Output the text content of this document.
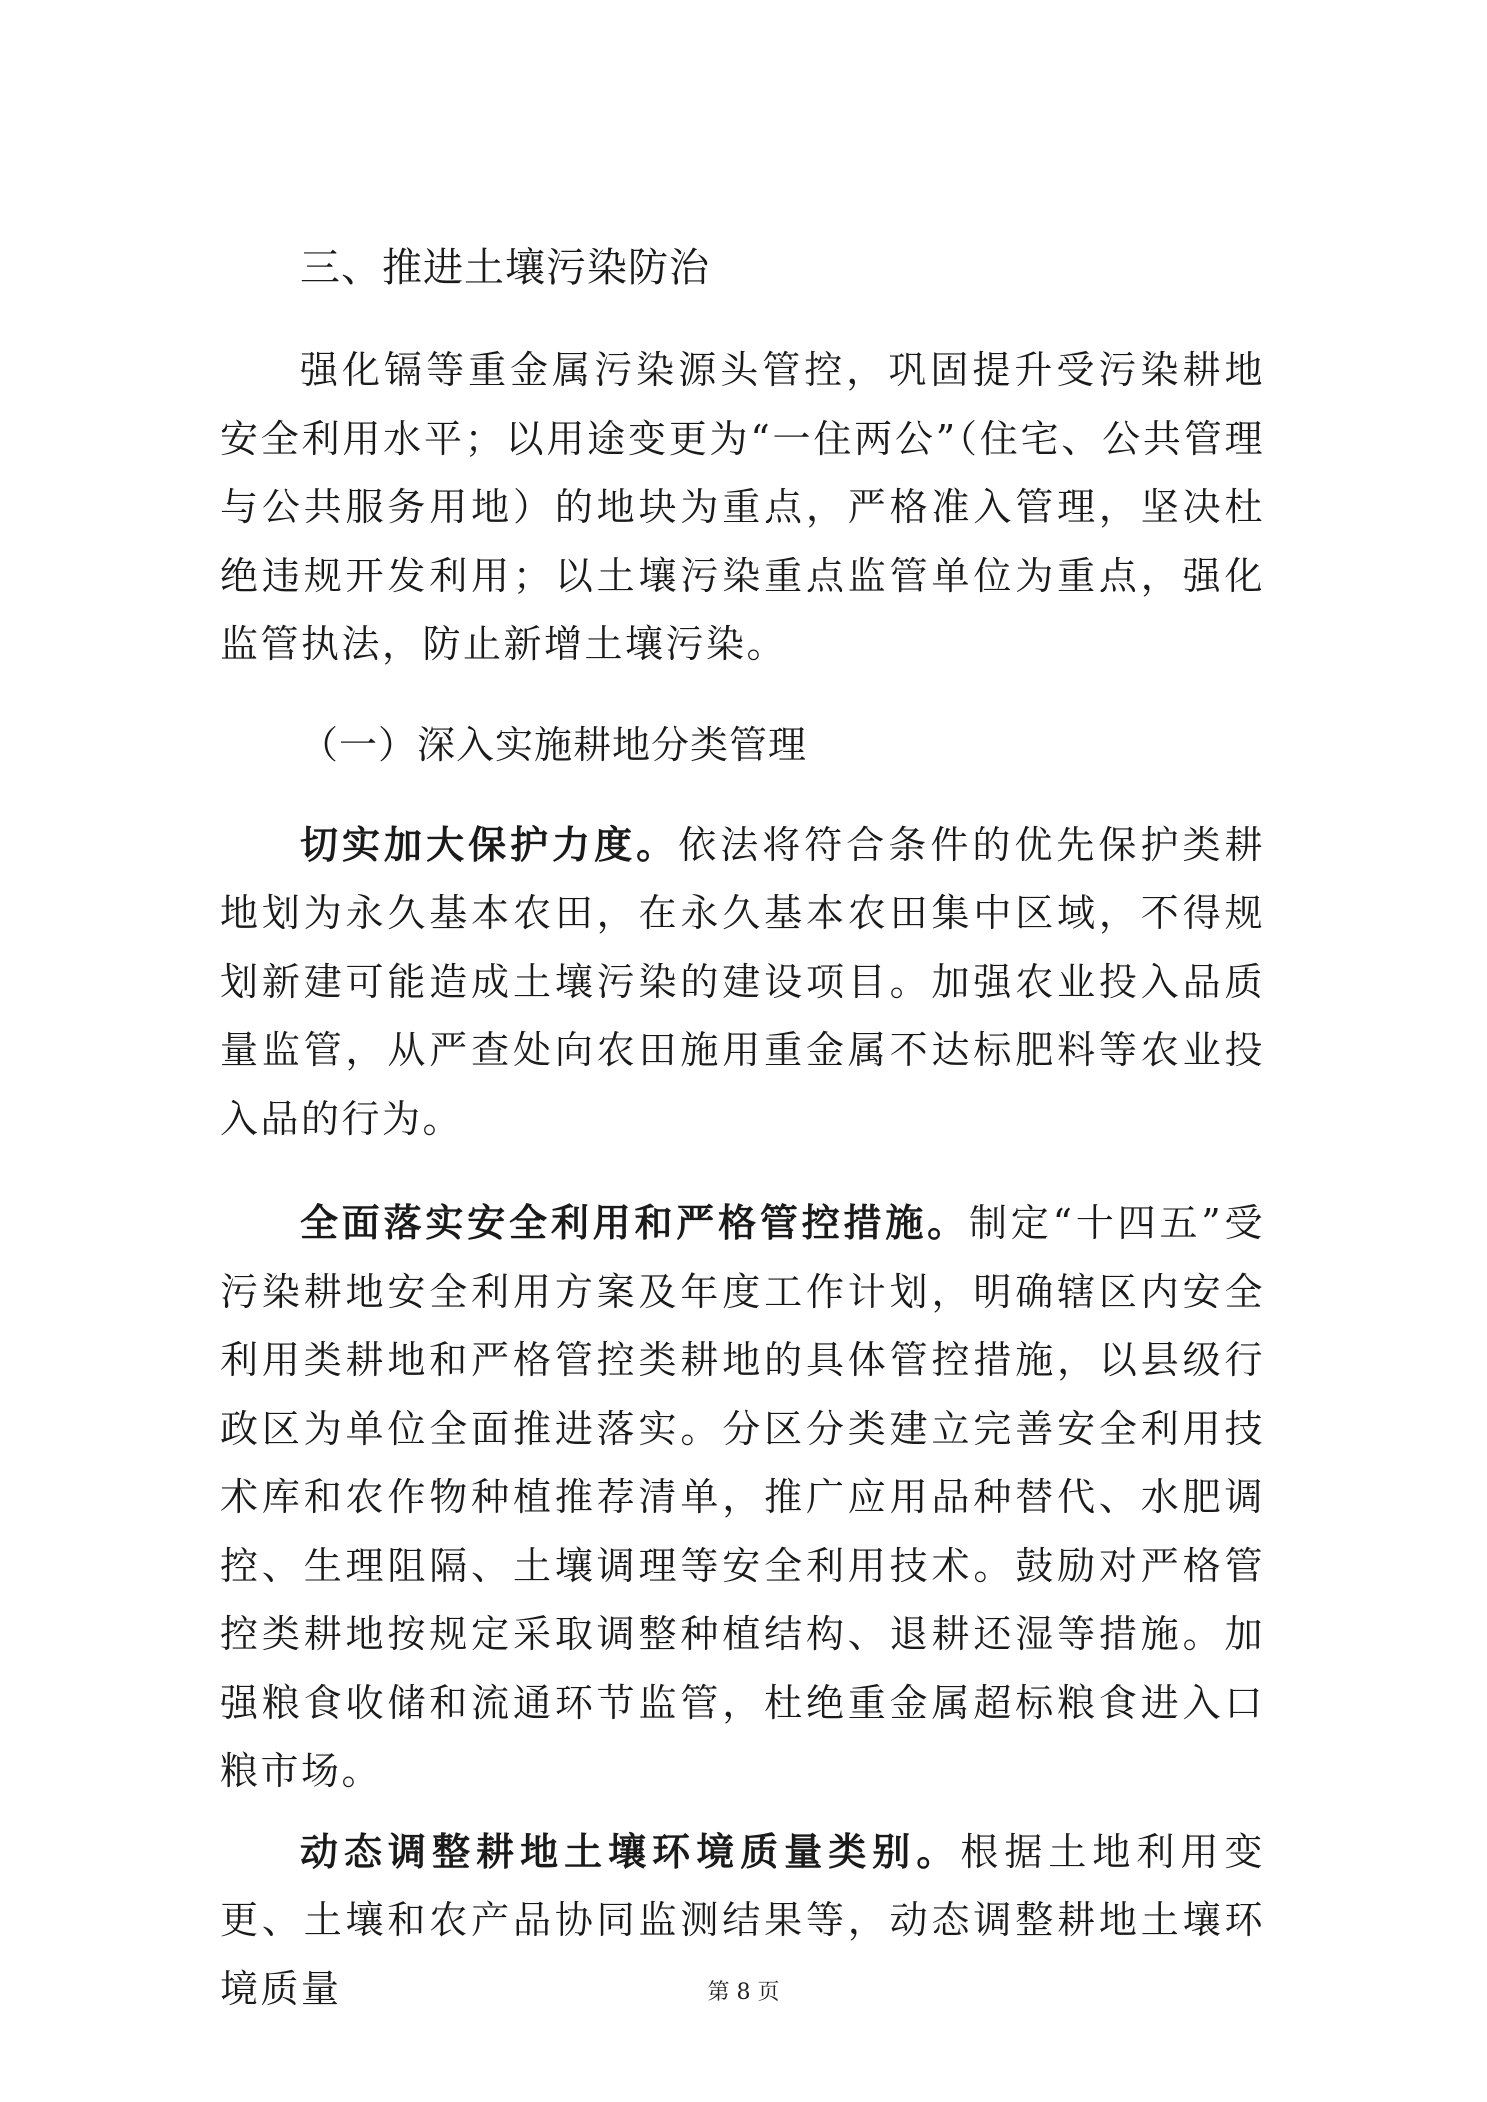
三、推进土壤污染防治

强化镉等重金属污染源头管控，巩固提升受污染耕地安全利用水平；以用途变更为“一住两公”（住宅、公共管理与公共服务用地）的地块为重点，严格准入管理，坚决杜绝违规开发利用；以土壤污染重点监管单位为重点，强化监管执法，防止新增土壤污染。

（一）深入实施耕地分类管理

切实加大保护力度。依法将符合条件的优先保护类耕地划为永久基本农田，在永久基本农田集中区域，不得规划新建可能造成土壤污染的建设项目。加强农业投入品质量监管，从严查处向农田施用重金属不达标肥料等农业投入品的行为。

全面落实安全利用和严格管控措施。制定“十四五”受污染耕地安全利用方案及年度工作计划，明确辖区内安全利用类耕地和严格管控类耕地的具体管控措施，以县级行政区为单位全面推进落实。分区分类建立完善安全利用技术库和农作物种植推荐清单，推广应用品种替代、水肥调控、生理阻隔、土壤调理等安全利用技术。鼓励对严格管控类耕地按规定采取调整种植结构、退耕还湿等措施。加强粮食收储和流通环节监管，杜绝重金属超标粮食进入口粮市场。

动态调整耕地土壤环境质量类别。根据土地利用变更、土壤和农产品协同监测结果等，动态调整耕地土壤环境质量	第 8 页
